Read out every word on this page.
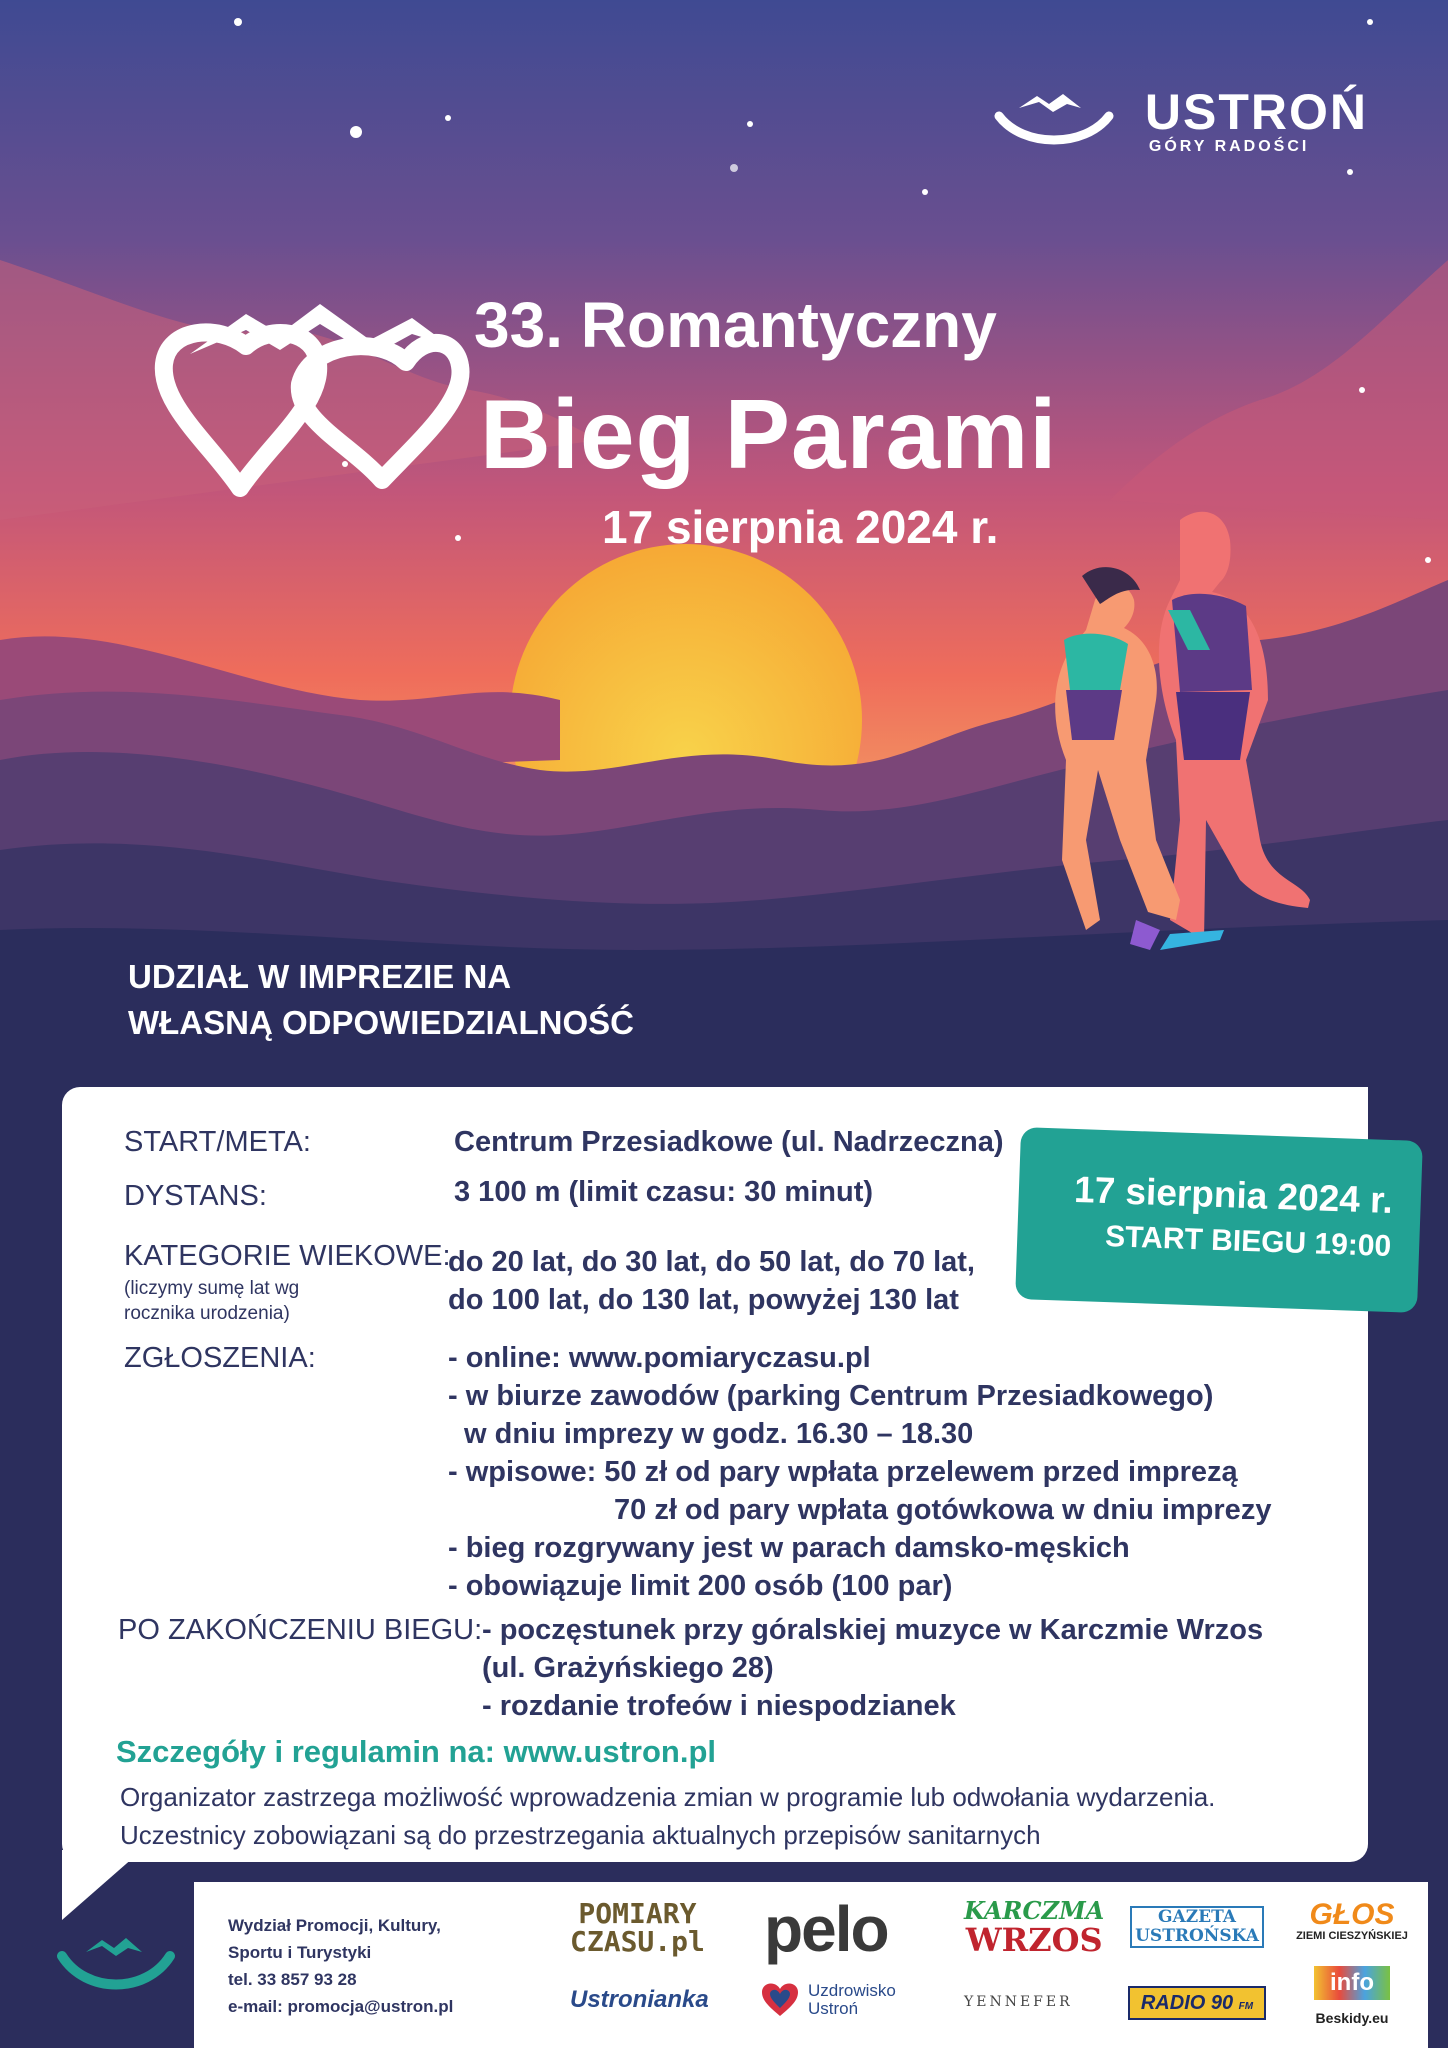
USTROŃ
GÓRY RADOŚCI
33. Romantyczny
Bieg Parami
17 sierpnia 2024 r.
UDZIAŁ W IMPREZIE NA
WŁASNĄ ODPOWIEDZIALNOŚĆ
START/META:	Centrum Przesiadkowe (ul. Nadrzeczna)
DYSTANS:	3 100 m (limit czasu: 30 minut)
KATEGORIE WIEKOWE:
(liczymy sumę lat wg
rocznika urodzenia)
do 20 lat, do 30 lat, do 50 lat, do 70 lat,
do 100 lat, do 130 lat, powyżej 130 lat
ZGŁOSZENIA:	- online: www.pomiaryczasu.pl
- w biurze zawodów (parking Centrum Przesiadkowego)
w dniu imprezy w godz. 16.30 – 18.30
- wpisowe: 50 zł od pary wpłata przelewem przed imprezą
70 zł od pary wpłata gotówkowa w dniu imprezy
- bieg rozgrywany jest w parach damsko-męskich
- obowiązuje limit 200 osób (100 par)
PO ZAKOŃCZENIU BIEGU: - poczęstunek przy góralskiej muzyce w Karczmie Wrzos
(ul. Grażyńskiego 28)
- rozdanie trofeów i niespodzianek
17 sierpnia 2024 r.
START BIEGU 19:00
Szczegóły i regulamin na: www.ustron.pl
Organizator zastrzega możliwość wprowadzenia zmian w programie lub odwołania wydarzenia.
Uczestnicy zobowiązani są do przestrzegania aktualnych przepisów sanitarnych
Wydział Promocji, Kultury,
Sportu i Turystyki
tel. 33 857 93 28
e-mail: promocja@ustron.pl
POMIARY
CZASU.pl
Ustronianka
pelo
Uzdrowisko
Ustroń
KARCZMA
WRZOS
YENNEFER
GAZETA
USTROŃSKA
RADIO 90 FM
GŁOS
ZIEMI CIESZYŃSKIEJ
info
Beskidy.eu
